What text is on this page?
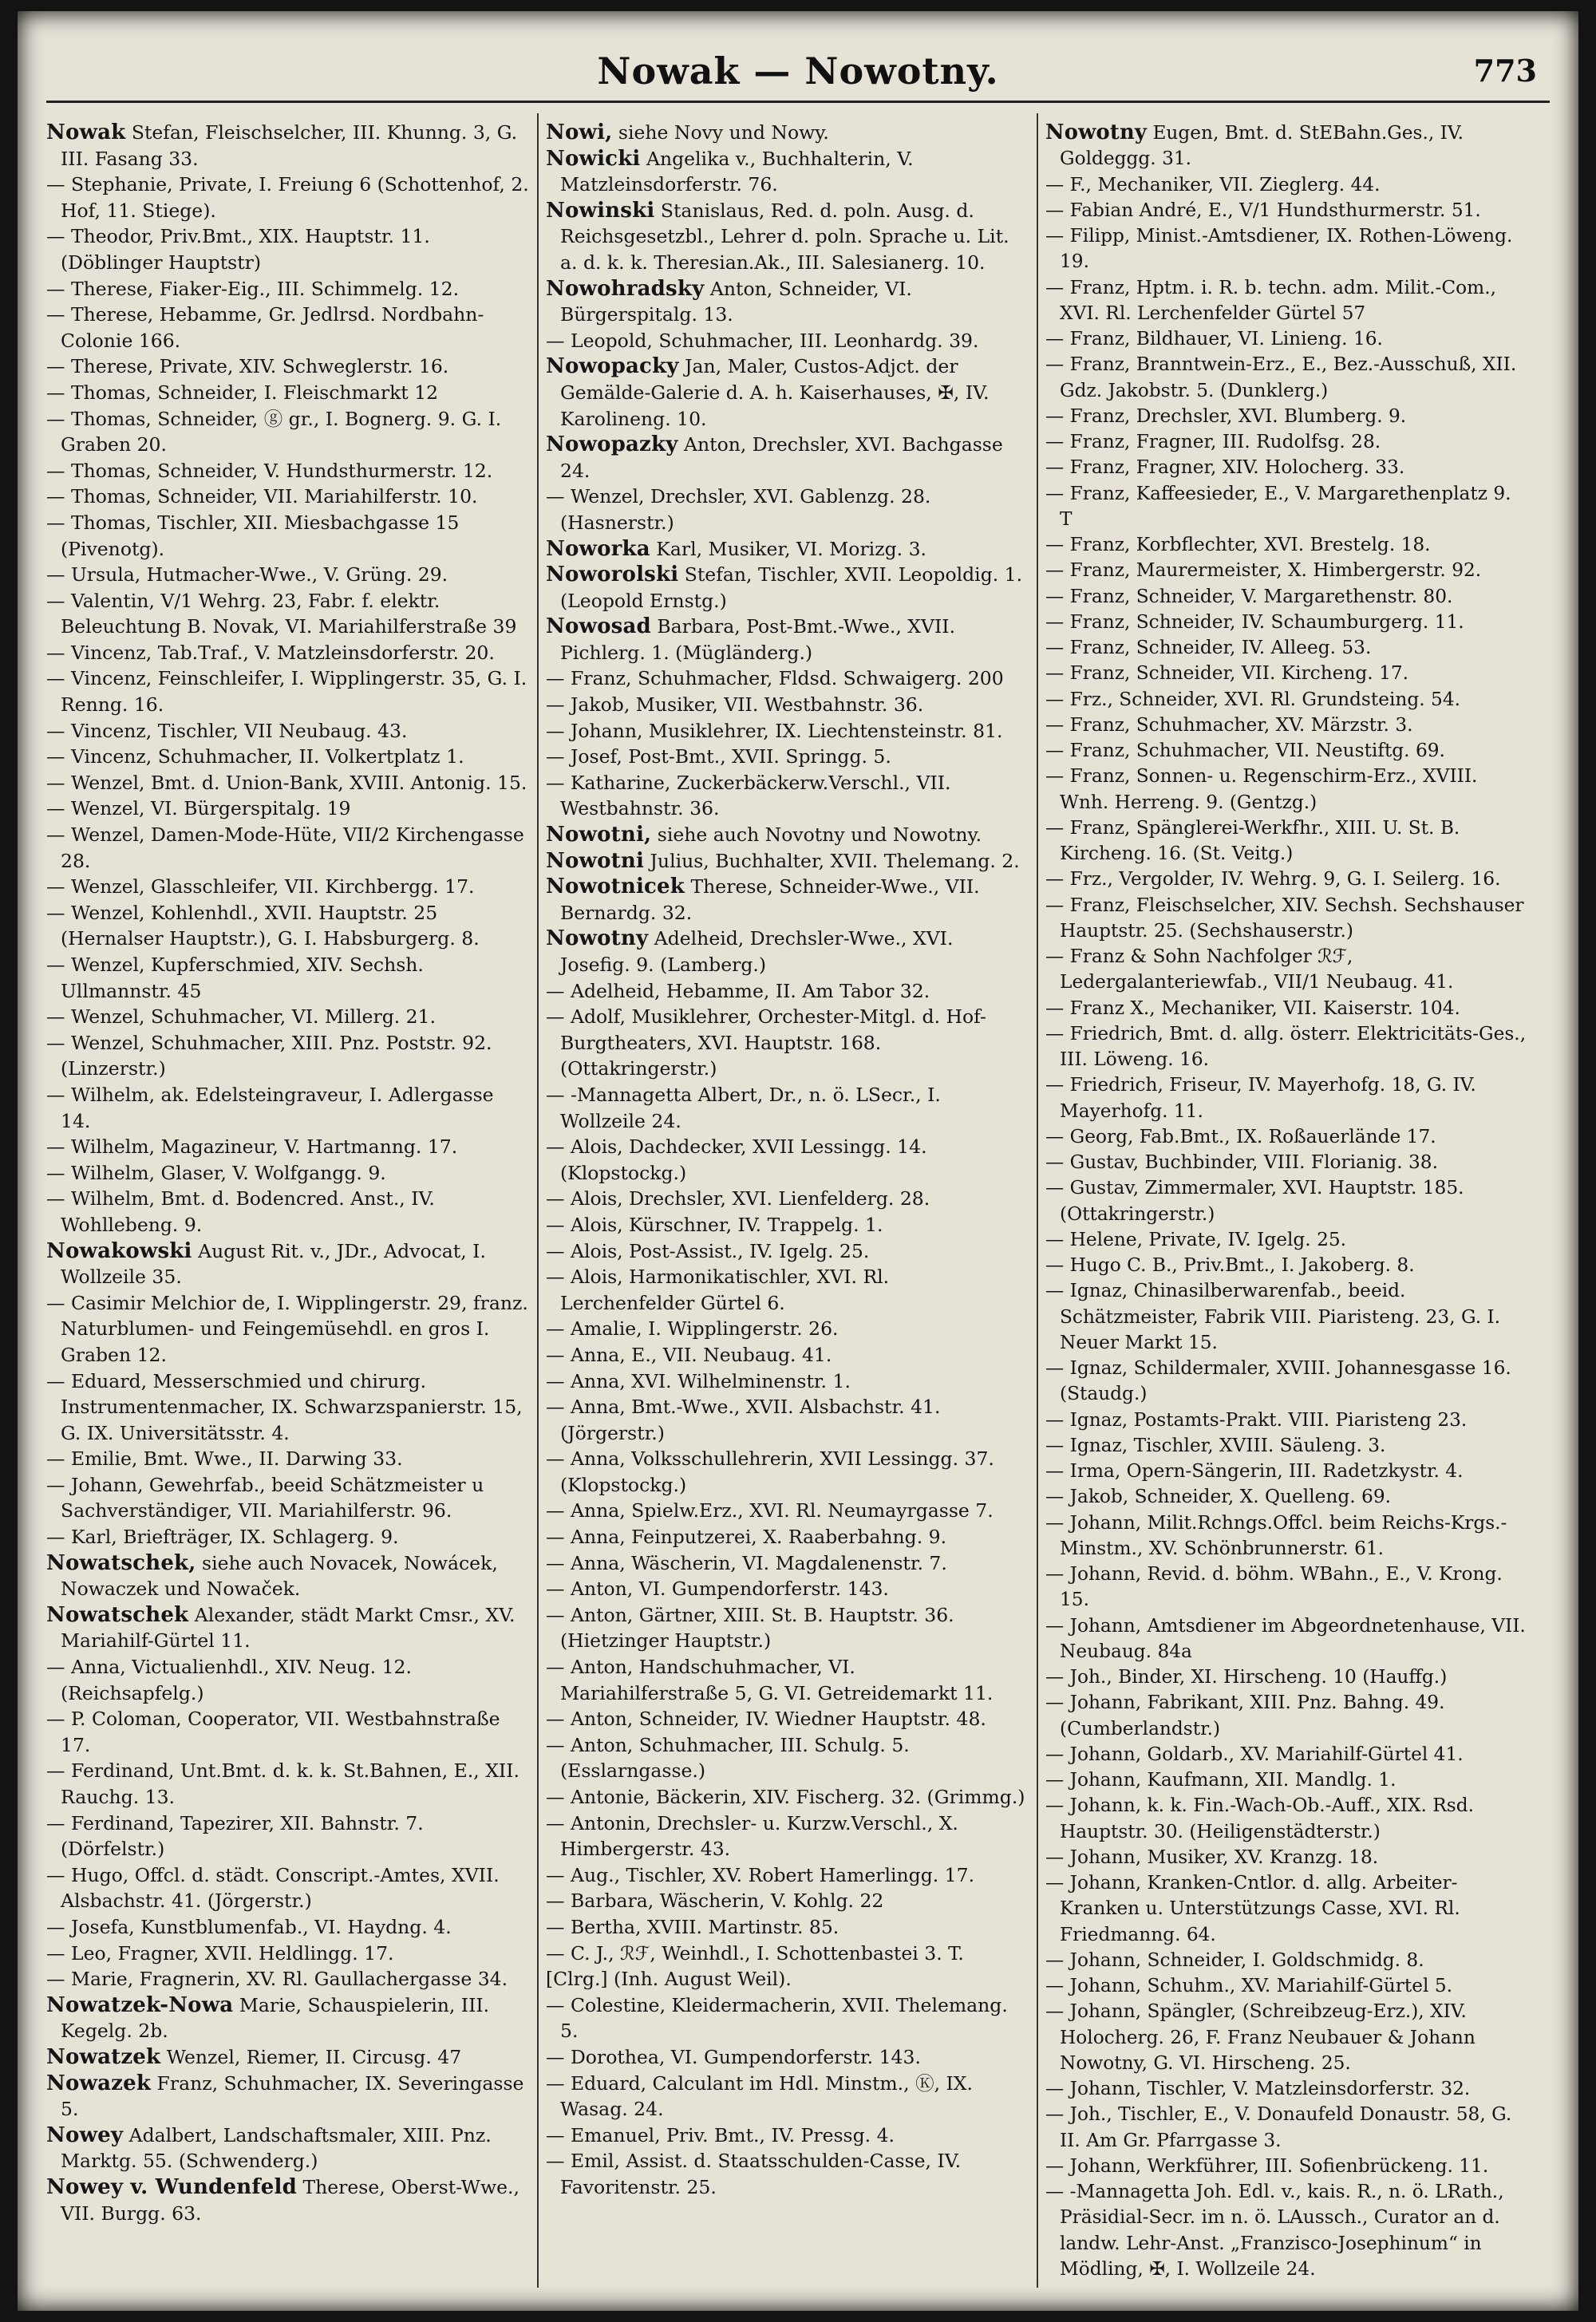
Nowak — Nowotny.	773

Nowak Stefan, Fleischselcher, III. Khunng. 3, G. III. Fasang 33.

— Stephanie, Private, I. Freiung 6 (Schottenhof, 2. Hof, 11. Stiege).

— Theodor, Priv.Bmt., XIX. Hauptstr. 11. (Döblinger Hauptstr)

— Therese, Fiaker-Eig., III. Schimmelg. 12.

— Therese, Hebamme, Gr. Jedlrsd. Nordbahn-Colonie 166.

— Therese, Private, XIV. Schweglerstr. 16.

— Thomas, Schneider, I. Fleischmarkt 12

— Thomas, Schneider, ⓖ gr., I. Bognerg. 9. G. I. Graben 20.

— Thomas, Schneider, V. Hundsthurmerstr. 12.

— Thomas, Schneider, VII. Mariahilferstr. 10.

— Thomas, Tischler, XII. Miesbachgasse 15 (Pivenotg).

— Ursula, Hutmacher-Wwe., V. Grüng. 29.

— Valentin, V/1 Wehrg. 23, Fabr. f. elektr. Beleuchtung B. Novak, VI. Mariahilferstraße 39

— Vincenz, Tab.Traf., V. Matzleinsdorferstr. 20.

— Vincenz, Feinschleifer, I. Wipplingerstr. 35, G. I. Renng. 16.

— Vincenz, Tischler, VII Neubaug. 43.

— Vincenz, Schuhmacher, II. Volkertplatz 1.

— Wenzel, Bmt. d. Union-Bank, XVIII. Antonig. 15.

— Wenzel, VI. Bürgerspitalg. 19

— Wenzel, Damen-Mode-Hüte, VII/2 Kirchengasse 28.

— Wenzel, Glasschleifer, VII. Kirchbergg. 17.

— Wenzel, Kohlenhdl., XVII. Hauptstr. 25 (Hernalser Hauptstr.), G. I. Habsburgerg. 8.

— Wenzel, Kupferschmied, XIV. Sechsh. Ullmannstr. 45

— Wenzel, Schuhmacher, VI. Millerg. 21.

— Wenzel, Schuhmacher, XIII. Pnz. Poststr. 92. (Linzerstr.)

— Wilhelm, ak. Edelsteingraveur, I. Adlergasse 14.

— Wilhelm, Magazineur, V. Hartmanng. 17.

— Wilhelm, Glaser, V. Wolfgangg. 9.

— Wilhelm, Bmt. d. Bodencred. Anst., IV. Wohllebeng. 9.

Nowakowski August Rit. v., JDr., Advocat, I. Wollzeile 35.

— Casimir Melchior de, I. Wipplingerstr. 29, franz. Naturblumen- und Feingemüsehdl. en gros I. Graben 12.

— Eduard, Messerschmied und chirurg. Instrumentenmacher, IX. Schwarzspanierstr. 15, G. IX. Universitätsstr. 4.

— Emilie, Bmt. Wwe., II. Darwing 33.

— Johann, Gewehrfab., beeid Schätzmeister u Sachverständiger, VII. Mariahilferstr. 96.

— Karl, Briefträger, IX. Schlagerg. 9.

Nowatschek, siehe auch Novacek, Nowácek, Nowaczek und Nowaček.

Nowatschek Alexander, städt Markt Cmsr., XV. Mariahilf-Gürtel 11.

— Anna, Victualienhdl., XIV. Neug. 12. (Reichsapfelg.)

— P. Coloman, Cooperator, VII. Westbahnstraße 17.

— Ferdinand, Unt.Bmt. d. k. k. St.Bahnen, E., XII. Rauchg. 13.

— Ferdinand, Tapezirer, XII. Bahnstr. 7. (Dörfelstr.)

— Hugo, Offcl. d. städt. Conscript.-Amtes, XVII. Alsbachstr. 41. (Jörgerstr.)

— Josefa, Kunstblumenfab., VI. Haydng. 4.

— Leo, Fragner, XVII. Heldlingg. 17.

— Marie, Fragnerin, XV. Rl. Gaullachergasse 34.

Nowatzek-Nowa Marie, Schauspielerin, III. Kegelg. 2b.

Nowatzek Wenzel, Riemer, II. Circusg. 47

Nowazek Franz, Schuhmacher, IX. Severingasse 5.

Nowey Adalbert, Landschaftsmaler, XIII. Pnz. Marktg. 55. (Schwenderg.)

Nowey v. Wundenfeld Therese, Oberst-Wwe., VII. Burgg. 63.

Nowi, siehe Novy und Nowy.

Nowicki Angelika v., Buchhalterin, V. Matzleinsdorferstr. 76.

Nowinski Stanislaus, Red. d. poln. Ausg. d. Reichsgesetzbl., Lehrer d. poln. Sprache u. Lit. a. d. k. k. Theresian.Ak., III. Salesianerg. 10.

Nowohradsky Anton, Schneider, VI. Bürgerspitalg. 13.

— Leopold, Schuhmacher, III. Leonhardg. 39.

Nowopacky Jan, Maler, Custos-Adjct. der Gemälde-Galerie d. A. h. Kaiserhauses, ✠, IV. Karolineng. 10.

Nowopazky Anton, Drechsler, XVI. Bachgasse 24.

— Wenzel, Drechsler, XVI. Gablenzg. 28. (Hasnerstr.)

Noworka Karl, Musiker, VI. Morizg. 3.

Noworolski Stefan, Tischler, XVII. Leopoldig. 1. (Leopold Ernstg.)

Nowosad Barbara, Post-Bmt.-Wwe., XVII. Pichlerg. 1. (Mügländerg.)

— Franz, Schuhmacher, Fldsd. Schwaigerg. 200

— Jakob, Musiker, VII. Westbahnstr. 36.

— Johann, Musiklehrer, IX. Liechtensteinstr. 81.

— Josef, Post-Bmt., XVII. Springg. 5.

— Katharine, Zuckerbäckerw.Verschl., VII. Westbahnstr. 36.

Nowotni, siehe auch Novotny und Nowotny.

Nowotni Julius, Buchhalter, XVII. Thelemang. 2.

Nowotnicek Therese, Schneider-Wwe., VII. Bernardg. 32.

Nowotny Adelheid, Drechsler-Wwe., XVI. Josefig. 9. (Lamberg.)

— Adelheid, Hebamme, II. Am Tabor 32.

— Adolf, Musiklehrer, Orchester-Mitgl. d. Hof-Burgtheaters, XVI. Hauptstr. 168. (Ottakringerstr.)

— -Mannagetta Albert, Dr., n. ö. LSecr., I. Wollzeile 24.

— Alois, Dachdecker, XVII Lessingg. 14. (Klopstockg.)

— Alois, Drechsler, XVI. Lienfelderg. 28.

— Alois, Kürschner, IV. Trappelg. 1.

— Alois, Post-Assist., IV. Igelg. 25.

— Alois, Harmonikatischler, XVI. Rl. Lerchenfelder Gürtel 6.

— Amalie, I. Wipplingerstr. 26.

— Anna, E., VII. Neubaug. 41.

— Anna, XVI. Wilhelminenstr. 1.

— Anna, Bmt.-Wwe., XVII. Alsbachstr. 41. (Jörgerstr.)

— Anna, Volksschullehrerin, XVII Lessingg. 37. (Klopstockg.)

— Anna, Spielw.Erz., XVI. Rl. Neumayrgasse 7.

— Anna, Feinputzerei, X. Raaberbahng. 9.

— Anna, Wäscherin, VI. Magdalenenstr. 7.

— Anton, VI. Gumpendorferstr. 143.

— Anton, Gärtner, XIII. St. B. Hauptstr. 36. (Hietzinger Hauptstr.)

— Anton, Handschuhmacher, VI. Mariahilferstraße 5, G. VI. Getreidemarkt 11.

— Anton, Schneider, IV. Wiedner Hauptstr. 48.

— Anton, Schuhmacher, III. Schulg. 5. (Esslarngasse.)

— Antonie, Bäckerin, XIV. Fischerg. 32. (Grimmg.)

— Antonin, Drechsler- u. Kurzw.Verschl., X. Himbergerstr. 43.

— Aug., Tischler, XV. Robert Hamerlingg. 17.

— Barbara, Wäscherin, V. Kohlg. 22

— Bertha, XVIII. Martinstr. 85.

— C. J., ℛℱ, Weinhdl., I. Schottenbastei 3. T.

[Clrg.] (Inh. August Weil).

— Colestine, Kleidermacherin, XVII. Thelemang. 5.

— Dorothea, VI. Gumpendorferstr. 143.

— Eduard, Calculant im Hdl. Minstm., Ⓚ, IX. Wasag. 24.

— Emanuel, Priv. Bmt., IV. Pressg. 4.

— Emil, Assist. d. Staatsschulden-Casse, IV. Favoritenstr. 25.

Nowotny Eugen, Bmt. d. StEBahn.Ges., IV. Goldeggg. 31.

— F., Mechaniker, VII. Zieglerg. 44.

— Fabian André, E., V/1 Hundsthurmerstr. 51.

— Filipp, Minist.-Amtsdiener, IX. Rothen-Löweng. 19.

— Franz, Hptm. i. R. b. techn. adm. Milit.-Com., XVI. Rl. Lerchenfelder Gürtel 57

— Franz, Bildhauer, VI. Linieng. 16.

— Franz, Branntwein-Erz., E., Bez.-Ausschuß, XII. Gdz. Jakobstr. 5. (Dunklerg.)

— Franz, Drechsler, XVI. Blumberg. 9.

— Franz, Fragner, III. Rudolfsg. 28.

— Franz, Fragner, XIV. Holocherg. 33.

— Franz, Kaffeesieder, E., V. Margarethenplatz 9. T

— Franz, Korbflechter, XVI. Brestelg. 18.

— Franz, Maurermeister, X. Himbergerstr. 92.

— Franz, Schneider, V. Margarethenstr. 80.

— Franz, Schneider, IV. Schaumburgerg. 11.

— Franz, Schneider, IV. Alleeg. 53.

— Franz, Schneider, VII. Kircheng. 17.

— Frz., Schneider, XVI. Rl. Grundsteing. 54.

— Franz, Schuhmacher, XV. Märzstr. 3.

— Franz, Schuhmacher, VII. Neustiftg. 69.

— Franz, Sonnen- u. Regenschirm-Erz., XVIII. Wnh. Herreng. 9. (Gentzg.)

— Franz, Spänglerei-Werkfhr., XIII. U. St. B. Kircheng. 16. (St. Veitg.)

— Frz., Vergolder, IV. Wehrg. 9, G. I. Seilerg. 16.

— Franz, Fleischselcher, XIV. Sechsh. Sechshauser Hauptstr. 25. (Sechshauserstr.)

— Franz & Sohn Nachfolger ℛℱ, Ledergalanteriewfab., VII/1 Neubaug. 41.

— Franz X., Mechaniker, VII. Kaiserstr. 104.

— Friedrich, Bmt. d. allg. österr. Elektricitäts-Ges., III. Löweng. 16.

— Friedrich, Friseur, IV. Mayerhofg. 18, G. IV. Mayerhofg. 11.

— Georg, Fab.Bmt., IX. Roßauerlände 17.

— Gustav, Buchbinder, VIII. Florianig. 38.

— Gustav, Zimmermaler, XVI. Hauptstr. 185. (Ottakringerstr.)

— Helene, Private, IV. Igelg. 25.

— Hugo C. B., Priv.Bmt., I. Jakoberg. 8.

— Ignaz, Chinasilberwarenfab., beeid. Schätzmeister, Fabrik VIII. Piaristeng. 23, G. I. Neuer Markt 15.

— Ignaz, Schildermaler, XVIII. Johannesgasse 16. (Staudg.)

— Ignaz, Postamts-Prakt. VIII. Piaristeng 23.

— Ignaz, Tischler, XVIII. Säuleng. 3.

— Irma, Opern-Sängerin, III. Radetzkystr. 4.

— Jakob, Schneider, X. Quelleng. 69.

— Johann, Milit.Rchngs.Offcl. beim Reichs-Krgs.-Minstm., XV. Schönbrunnerstr. 61.

— Johann, Revid. d. böhm. WBahn., E., V. Krong. 15.

— Johann, Amtsdiener im Abgeordnetenhause, VII. Neubaug. 84a

— Joh., Binder, XI. Hirscheng. 10 (Hauffg.)

— Johann, Fabrikant, XIII. Pnz. Bahng. 49. (Cumberlandstr.)

— Johann, Goldarb., XV. Mariahilf-Gürtel 41.

— Johann, Kaufmann, XII. Mandlg. 1.

— Johann, k. k. Fin.-Wach-Ob.-Auff., XIX. Rsd. Hauptstr. 30. (Heiligenstädterstr.)

— Johann, Musiker, XV. Kranzg. 18.

— Johann, Kranken-Cntlor. d. allg. Arbeiter-Kranken u. Unterstützungs Casse, XVI. Rl. Friedmanng. 64.

— Johann, Schneider, I. Goldschmidg. 8.

— Johann, Schuhm., XV. Mariahilf-Gürtel 5.

— Johann, Spängler, (Schreibzeug-Erz.), XIV. Holocherg. 26, F. Franz Neubauer & Johann Nowotny, G. VI. Hirscheng. 25.

— Johann, Tischler, V. Matzleinsdorferstr. 32.

— Joh., Tischler, E., V. Donaufeld Donaustr. 58, G. II. Am Gr. Pfarrgasse 3.

— Johann, Werkführer, III. Sofienbrückeng. 11.

— -Mannagetta Joh. Edl. v., kais. R., n. ö. LRath., Präsidial-Secr. im n. ö. LAussch., Curator an d. landw. Lehr-Anst. „Franzisco-Josephinum“ in Mödling, ✠, I. Wollzeile 24.
